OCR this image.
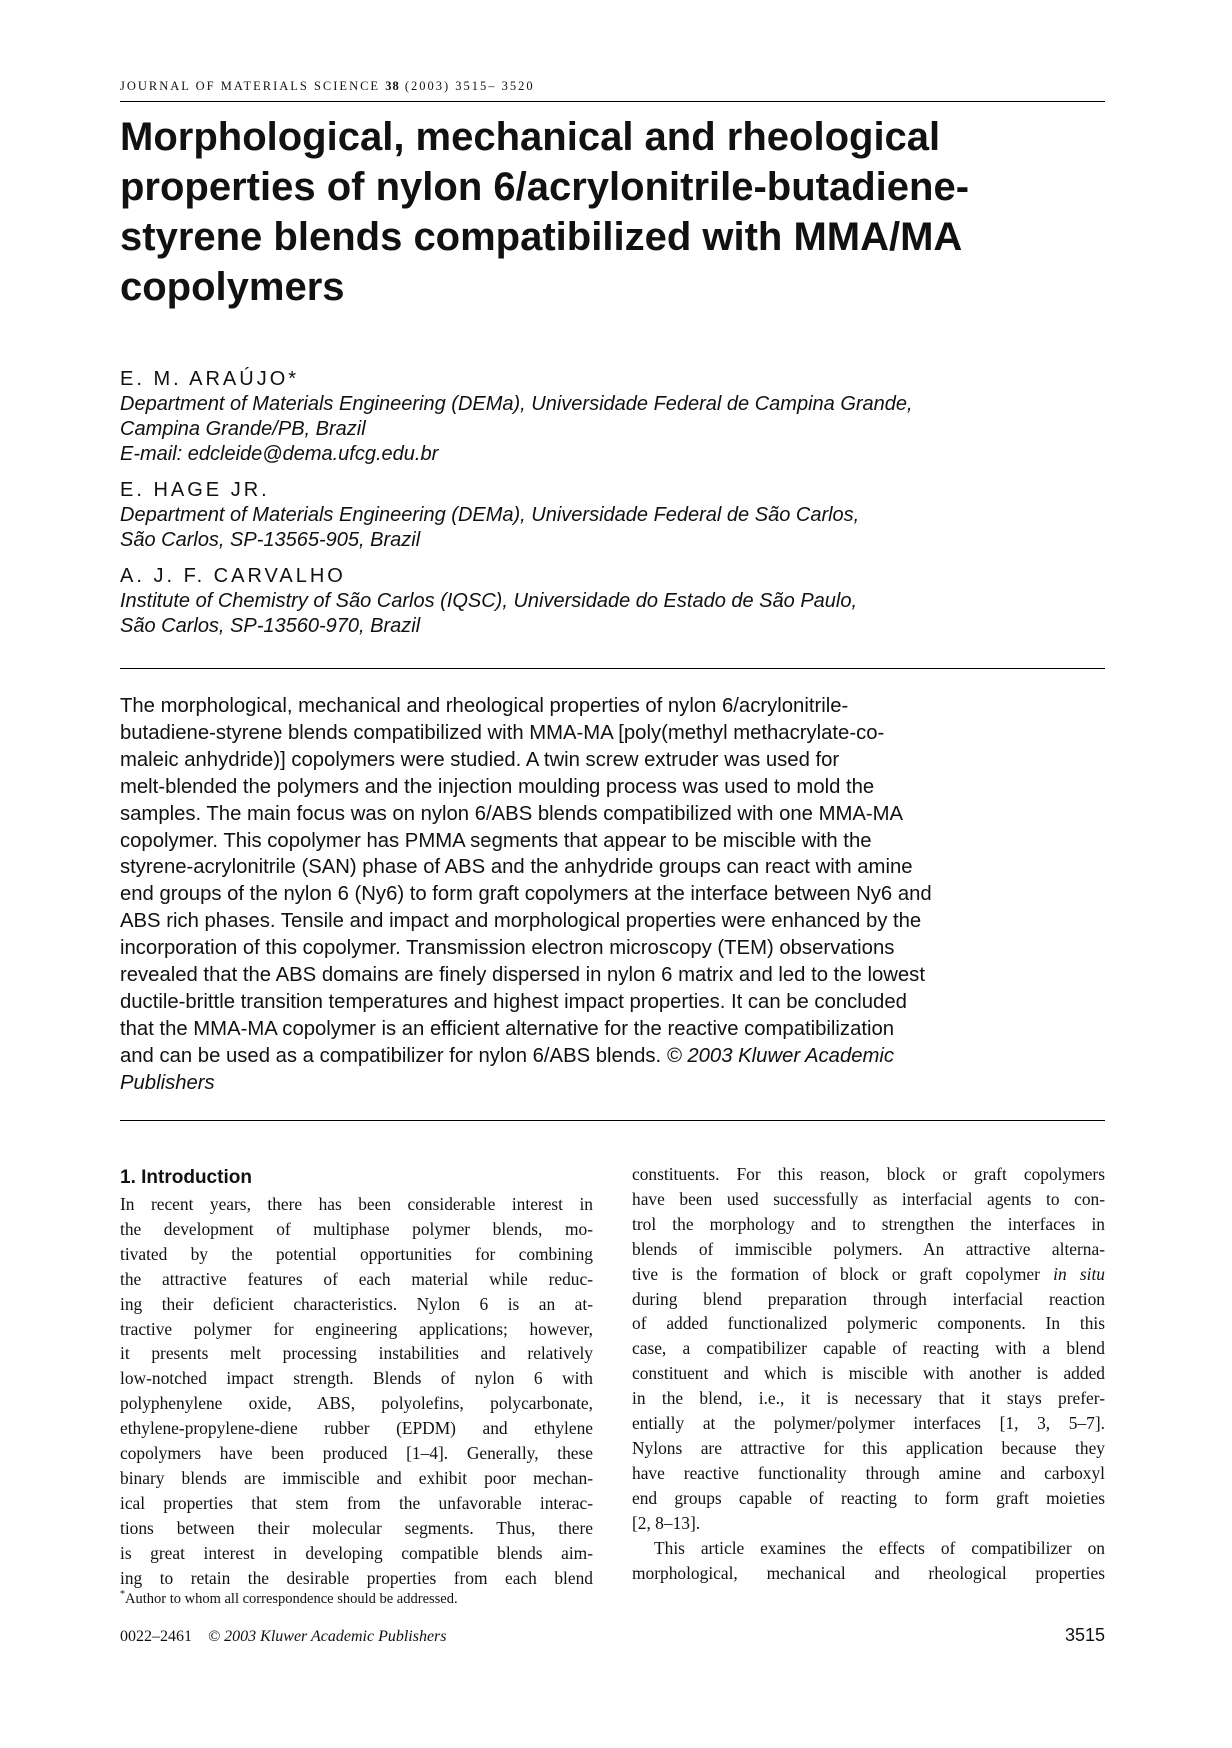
JOURNAL OF MATERIALS SCIENCE 38 (2003) 3515– 3520
Morphological, mechanical and rheological
properties of nylon 6/acrylonitrile-butadiene-
styrene blends compatibilized with MMA/MA
copolymers
E. M. ARAÚJO*
Department of Materials Engineering (DEMa), Universidade Federal de Campina Grande,
Campina Grande/PB, Brazil
E-mail: edcleide@dema.ufcg.edu.br
E. HAGE JR.
Department of Materials Engineering (DEMa), Universidade Federal de São Carlos,
São Carlos, SP-13565-905, Brazil
A. J. F. CARVALHO
Institute of Chemistry of São Carlos (IQSC), Universidade do Estado de São Paulo,
São Carlos, SP-13560-970, Brazil
The morphological, mechanical and rheological properties of nylon 6/acrylonitrile-
butadiene-styrene blends compatibilized with MMA-MA [poly(methyl methacrylate-co-
maleic anhydride)] copolymers were studied. A twin screw extruder was used for
melt-blended the polymers and the injection moulding process was used to mold the
samples. The main focus was on nylon 6/ABS blends compatibilized with one MMA-MA
copolymer. This copolymer has PMMA segments that appear to be miscible with the
styrene-acrylonitrile (SAN) phase of ABS and the anhydride groups can react with amine
end groups of the nylon 6 (Ny6) to form graft copolymers at the interface between Ny6 and
ABS rich phases. Tensile and impact and morphological properties were enhanced by the
incorporation of this copolymer. Transmission electron microscopy (TEM) observations
revealed that the ABS domains are finely dispersed in nylon 6 matrix and led to the lowest
ductile-brittle transition temperatures and highest impact properties. It can be concluded
that the MMA-MA copolymer is an efficient alternative for the reactive compatibilization
and can be used as a compatibilizer for nylon 6/ABS blends. © 2003 Kluwer Academic
Publishers
1. Introduction
In recent years, there has been considerable interest in
the development of multiphase polymer blends, mo-
tivated by the potential opportunities for combining
the attractive features of each material while reduc-
ing their deficient characteristics. Nylon 6 is an at-
tractive polymer for engineering applications; however,
it presents melt processing instabilities and relatively
low-notched impact strength. Blends of nylon 6 with
polyphenylene oxide, ABS, polyolefins, polycarbonate,
ethylene-propylene-diene rubber (EPDM) and ethylene
copolymers have been produced [1–4]. Generally, these
binary blends are immiscible and exhibit poor mechan-
ical properties that stem from the unfavorable interac-
tions between their molecular segments. Thus, there
is great interest in developing compatible blends aim-
ing to retain the desirable properties from each blend
constituents. For this reason, block or graft copolymers
have been used successfully as interfacial agents to con-
trol the morphology and to strengthen the interfaces in
blends of immiscible polymers. An attractive alterna-
tive is the formation of block or graft copolymer in situ
during blend preparation through interfacial reaction
of added functionalized polymeric components. In this
case, a compatibilizer capable of reacting with a blend
constituent and which is miscible with another is added
in the blend, i.e., it is necessary that it stays prefer-
entially at the polymer/polymer interfaces [1, 3, 5–7].
Nylons are attractive for this application because they
have reactive functionality through amine and carboxyl
end groups capable of reacting to form graft moieties
[2, 8–13].
This article examines the effects of compatibilizer on
morphological, mechanical and rheological properties
*Author to whom all correspondence should be addressed.
0022–2461 © 2003 Kluwer Academic Publishers	3515
